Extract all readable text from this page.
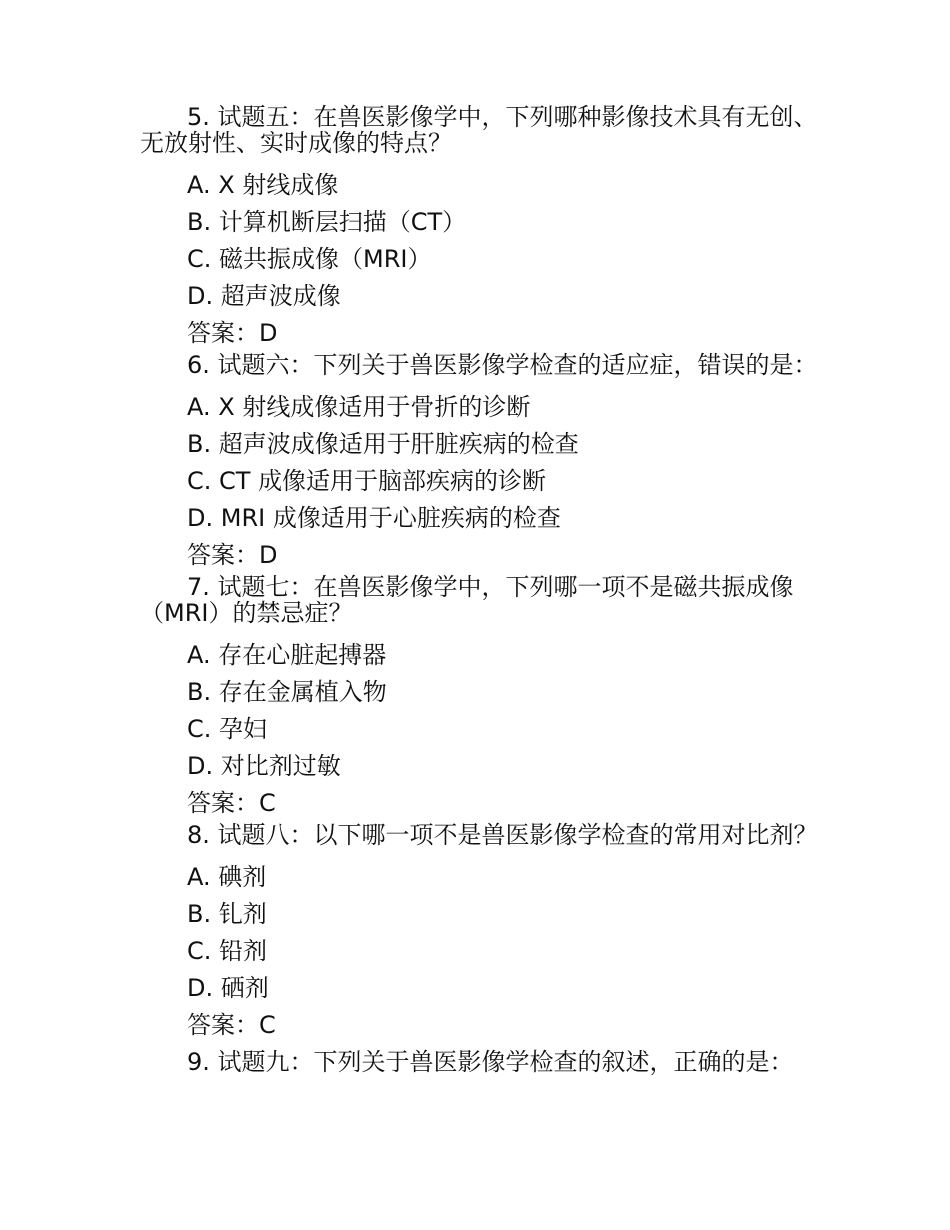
5. 试题五：在兽医影像学中，下列哪种影像技术具有无创、无放射性、实时成像的特点？

A. X 射线成像

B. 计算机断层扫描（CT）

C. 磁共振成像（MRI）

D. 超声波成像

答案：D

6. 试题六：下列关于兽医影像学检查的适应症，错误的是：

A. X 射线成像适用于骨折的诊断

B. 超声波成像适用于肝脏疾病的检查

C. CT 成像适用于脑部疾病的诊断

D. MRI 成像适用于心脏疾病的检查

答案：D

7. 试题七：在兽医影像学中，下列哪一项不是磁共振成像（MRI）的禁忌症？

A. 存在心脏起搏器

B. 存在金属植入物

C. 孕妇

D. 对比剂过敏

答案：C

8. 试题八：以下哪一项不是兽医影像学检查的常用对比剂？

A. 碘剂

B. 钆剂

C. 铅剂

D. 硒剂

答案：C

9. 试题九：下列关于兽医影像学检查的叙述，正确的是：
